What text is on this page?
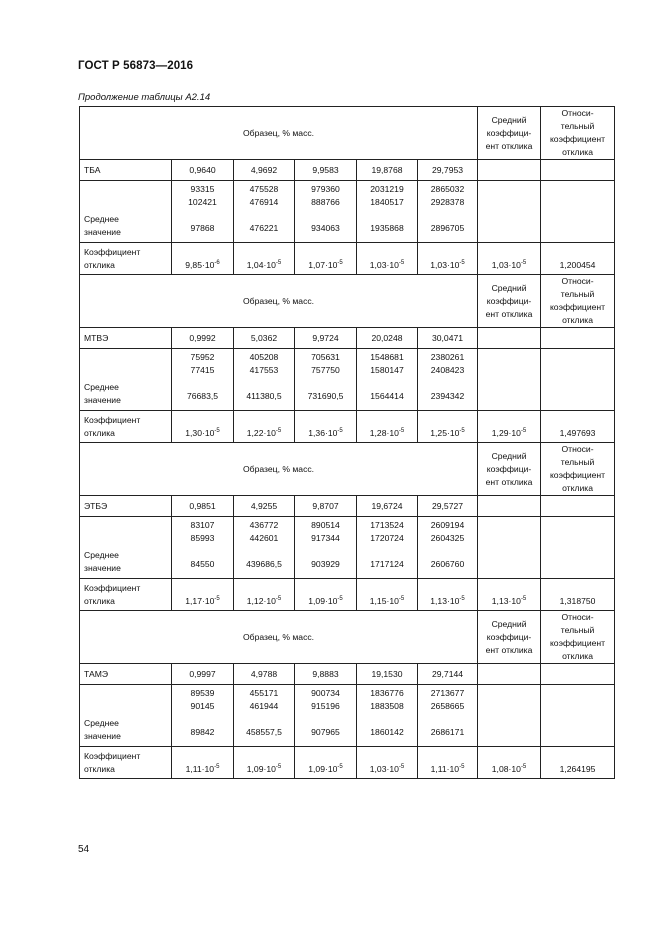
ГОСТ Р 56873—2016
Продолжение таблицы А2.14
Образец, % масс.						Средний
коэффици-
ент отклика	Относи-
тельный
коэффициент
отклика

ТБА	0,9640	4,9692	9,9583	19,8768	29,7953		

Среднее
значение	93315
102421
97868	475528
476914
476221	979360
888766
934063	2031219
1840517
1935868	2865032
2928378
2896705		

Коэффициент
отклика	$9,85\cdot 10^{-6}$	$1,04\cdot 10^{-5}$	$1,07\cdot 10^{-5}$	$1,03\cdot 10^{-5}$	$1,03\cdot 10^{-5}$	$1,03\cdot 10^{-5}$	1,200454
Образец, % масс.						Средний
коэффици-
ент отклика	Относи-
тельный
коэффициент
отклика

МТВЭ	0,9992	5,0362	9,9724	20,0248	30,0471		

Среднее
значение	75952
77415
76683,5	405208
417553
411380,5	705631
757750
731690,5	1548681
1580147
1564414	2380261
2408423
2394342		

Коэффициент
отклика	$1,30\cdot 10^{-5}$	$1,22\cdot 10^{-5}$	$1,36\cdot 10^{-5}$	$1,28\cdot 10^{-5}$	$1,25\cdot 10^{-5}$	$1,29\cdot 10^{-5}$	1,497693
Образец, % масс.						Средний
коэффици-
ент отклика	Относи-
тельный
коэффициент
отклика

ЭТБЭ	0,9851	4,9255	9,8707	19,6724	29,5727		

Среднее
значение	83107
85993
84550	436772
442601
439686,5	890514
917344
903929	1713524
1720724
1717124	2609194
2604325
2606760		

Коэффициент
отклика	$1,17\cdot 10^{-5}$	$1,12\cdot 10^{-5}$	$1,09\cdot 10^{-5}$	$1,15\cdot 10^{-5}$	$1,13\cdot 10^{-5}$	$1,13\cdot 10^{-5}$	1,318750
Образец, % масс.						Средний
коэффици-
ент отклика	Относи-
тельный
коэффициент
отклика

ТАМЭ	0,9997	4,9788	9,8883	19,1530	29,7144		

Среднее
значение	89539
90145
89842	455171
461944
458557,5	900734
915196
907965	1836776
1883508
1860142	2713677
2658665
2686171		

Коэффициент
отклика	$1,11\cdot 10^{-5}$	$1,09\cdot 10^{-5}$	$1,09\cdot 10^{-5}$	$1,03\cdot 10^{-5}$	$1,11\cdot 10^{-5}$	$1,08\cdot 10^{-5}$	1,264195
54
